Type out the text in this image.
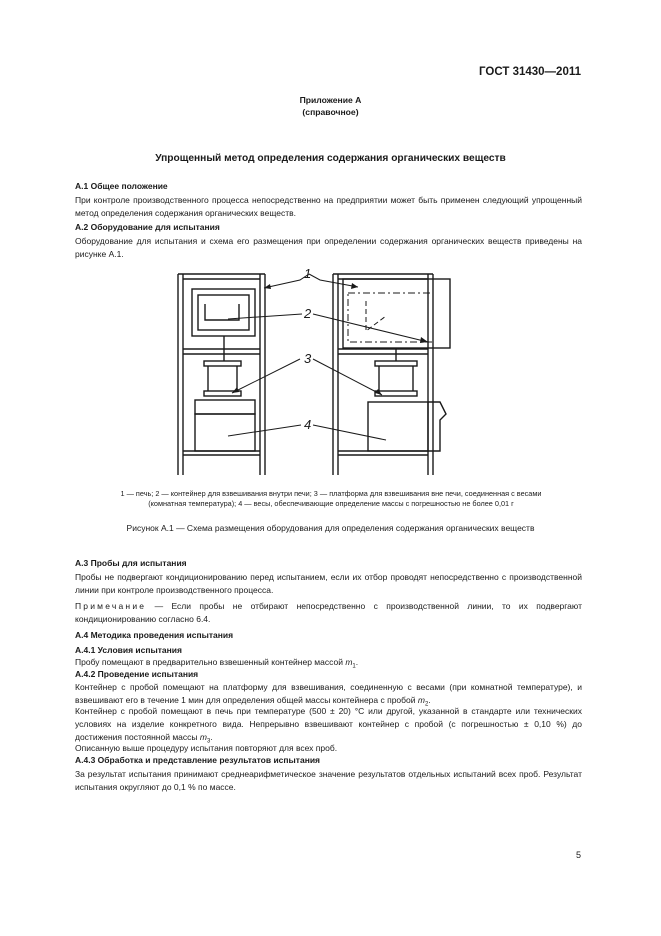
ГОСТ 31430—2011
Приложение А
(справочное)
Упрощенный метод определения содержания органических веществ
А.1 Общее положение
При контроле производственного процесса непосредственно на предприятии может быть применен следующий упрощенный метод определения содержания органических веществ.
А.2 Оборудование для испытания
Оборудование для испытания и схема его размещения при определении содержания органических веществ приведены на рисунке А.1.
1
2
3
4
1 — печь; 2 — контейнер для взвешивания внутри печи; 3 — платформа для взвешивания вне печи, соединенная с весами
(комнатная температура); 4 — весы, обеспечивающие определение массы с погрешностью не более 0,01 г
Рисунок А.1 — Схема размещения оборудования для определения содержания органических веществ
А.3 Пробы для испытания
Пробы не подвергают кондиционированию перед испытанием, если их отбор проводят непосредственно с производственной линии при контроле производственного процесса.
Примечание — Если пробы не отбирают непосредственно с производственной линии, то их подвергают кондиционированию согласно 6.4.
А.4 Методика проведения испытания
А.4.1 Условия испытания
Пробу помещают в предварительно взвешенный контейнер массой $m_1$.
А.4.2 Проведение испытания
Контейнер с пробой помещают на платформу для взвешивания, соединенную с весами (при комнатной температуре), и взвешивают его в течение 1 мин для определения общей массы контейнера с пробой $m_2$.
Контейнер с пробой помещают в печь при температуре (500 ± 20) °С или другой, указанной в стандарте или технических условиях на изделие конкретного вида. Непрерывно взвешивают контейнер с пробой (с погрешностью ± 0,10 %) до достижения постоянной массы $m_3$.
Описанную выше процедуру испытания повторяют для всех проб.
А.4.3 Обработка и представление результатов испытания
За результат испытания принимают среднеарифметическое значение результатов отдельных испытаний всех проб. Результат испытания округляют до 0,1 % по массе.
5
